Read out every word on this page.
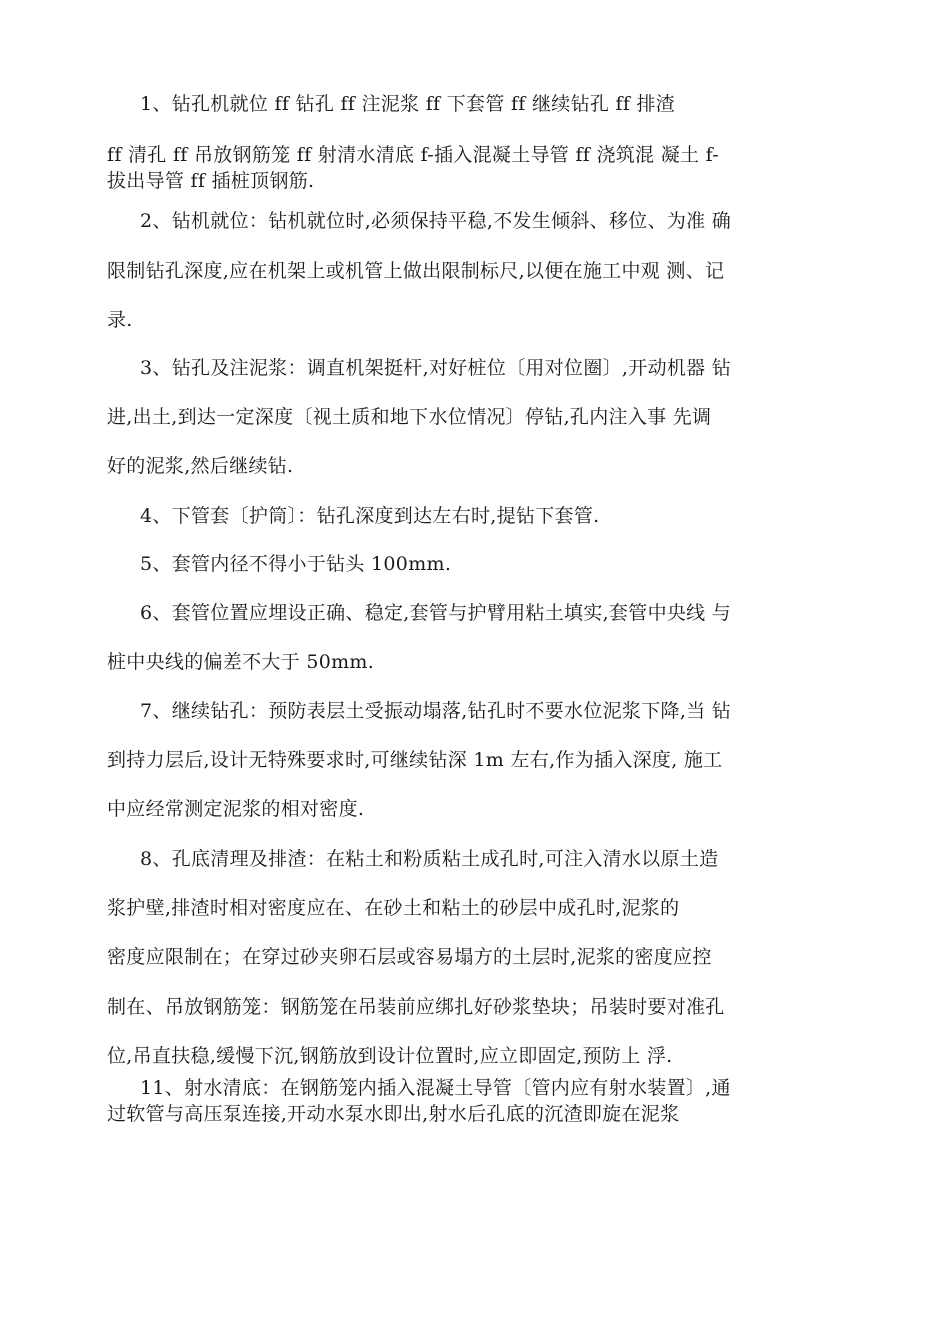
1、钻孔机就位 ff 钻孔 ff 注泥浆 ff 下套管 ff 继续钻孔 ff 排渣
ff 清孔 ff 吊放钢筋笼 ff 射清水清底 f-插入混凝土导管 ff 浇筑混 凝土 f-
拔出导管 ff 插桩顶钢筋.
2、钻机就位：钻机就位时,必须保持平稳,不发生倾斜、移位、为准 确
限制钻孔深度,应在机架上或机管上做出限制标尺,以便在施工中观 测、记
录.
3、钻孔及注泥浆：调直机架挺杆,对好桩位〔用对位圈〕,开动机器 钻
进,出土,到达一定深度〔视土质和地下水位情况〕停钻,孔内注入事 先调
好的泥浆,然后继续钻.
4、下管套〔护筒〕：钻孔深度到达左右时,提钻下套管.
5、套管内径不得小于钻头 100mm.
6、套管位置应埋设正确、稳定,套管与护臂用粘土填实,套管中央线 与
桩中央线的偏差不大于 50mm.
7、继续钻孔：预防表层土受振动塌落,钻孔时不要水位泥浆下降,当 钻
到持力层后,设计无特殊要求时,可继续钻深 1m 左右,作为插入深度, 施工
中应经常测定泥浆的相对密度.
8、孔底清理及排渣：在粘土和粉质粘土成孔时,可注入清水以原土造
浆护壁,排渣时相对密度应在、在砂土和粘土的砂层中成孔时,泥浆的
密度应限制在；在穿过砂夹卵石层或容易塌方的土层时,泥浆的密度应控
制在、吊放钢筋笼：钢筋笼在吊装前应绑扎好砂浆垫块；吊装时要对准孔
位,吊直扶稳,缓慢下沉,钢筋放到设计位置时,应立即固定,预防上 浮.
11、射水清底：在钢筋笼内插入混凝土导管〔管内应有射水装置〕,通
过软管与高压泵连接,开动水泵水即出,射水后孔底的沉渣即旋在泥浆
